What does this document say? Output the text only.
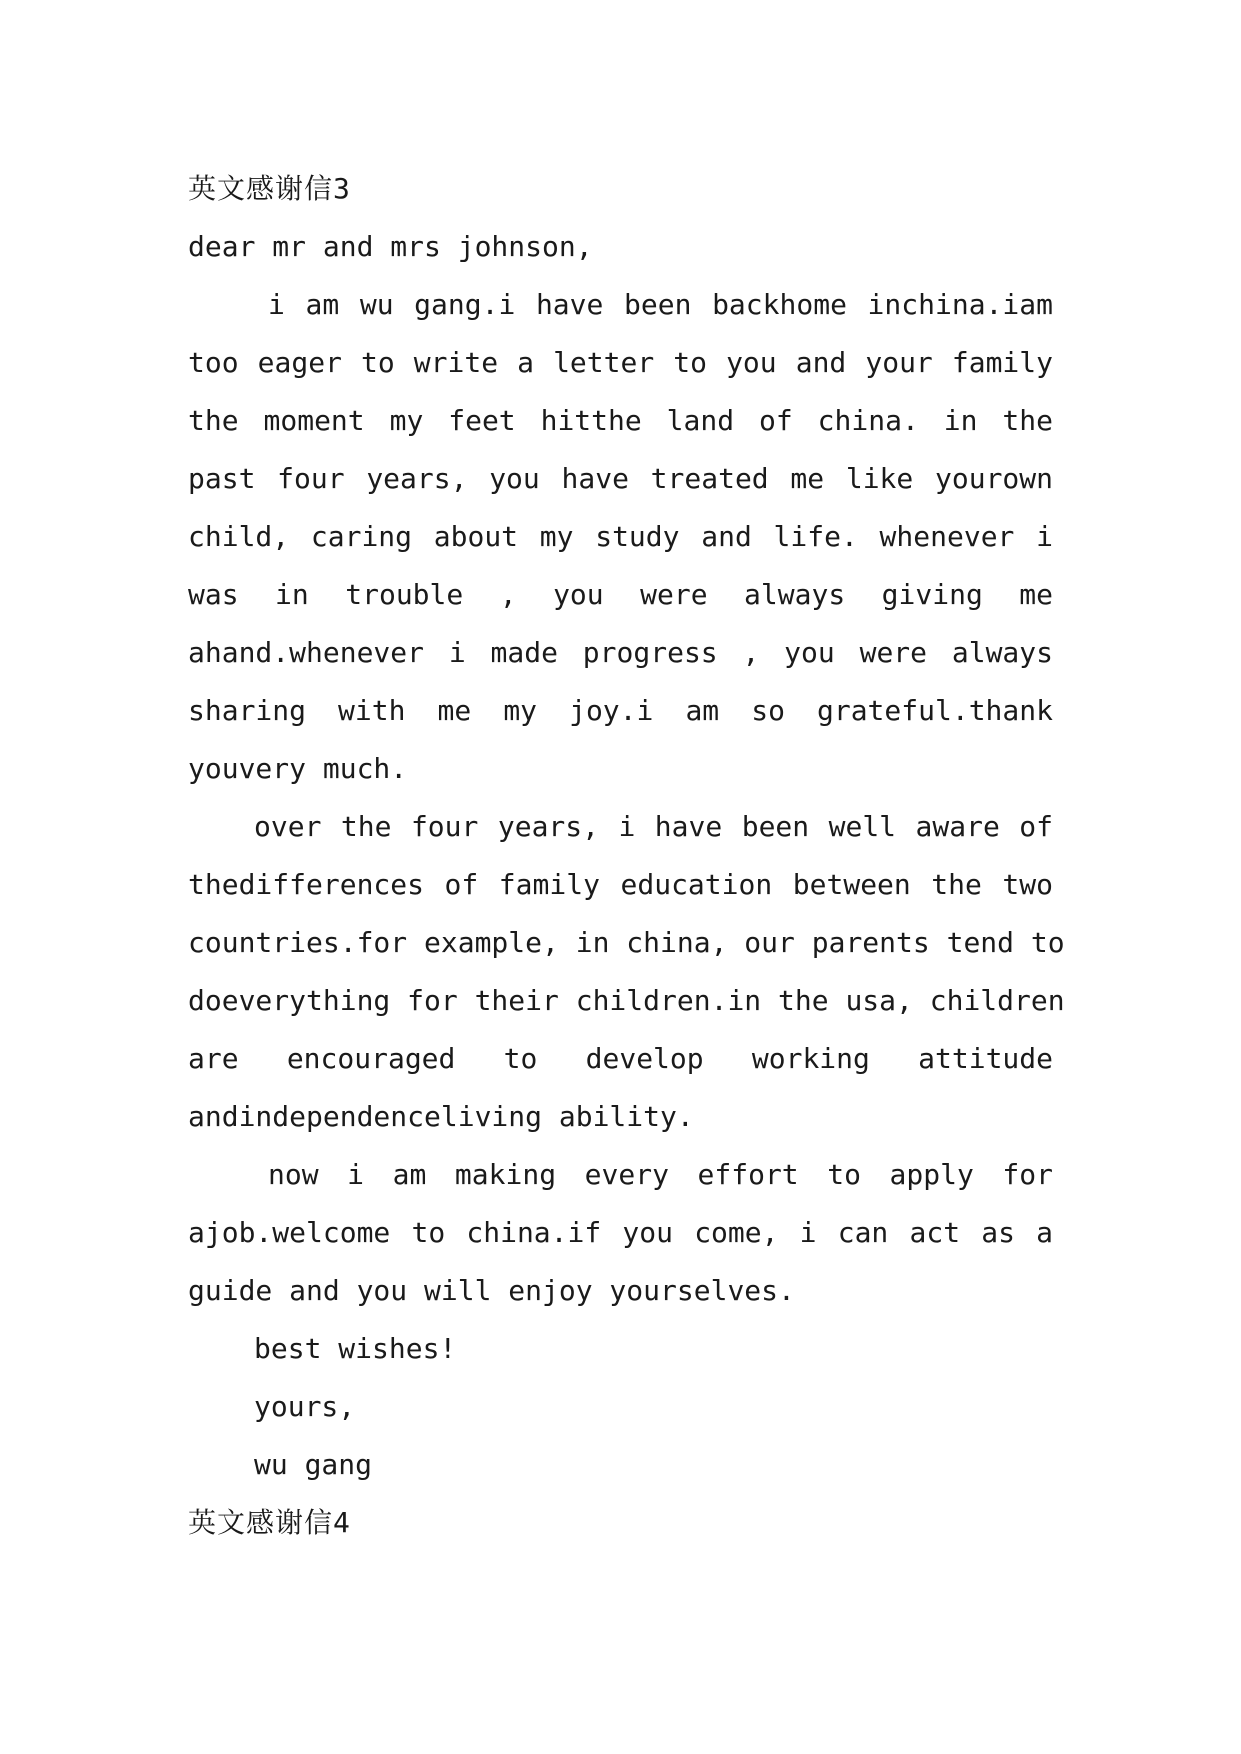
英文感谢信3
dear mr and mrs johnson,
i am wu gang.i have been backhome inchina.iam
too eager to write a letter to you and your family
the moment my feet hitthe land of china. in the
past four years, you have treated me like yourown
child, caring about my study and life. whenever i
was in trouble , you were always giving me
ahand.whenever i made progress , you were always
sharing with me my joy.i am so grateful.thank
youvery much.
over the four years, i have been well aware of
thedifferences of family education between the two
countries.for example, in china, our parents tend to
doeverything for their children.in the usa, children
are encouraged to develop working attitude
andindependenceliving ability.
now i am making every effort to apply for
ajob.welcome to china.if you come, i can act as a
guide and you will enjoy yourselves.
best wishes!
yours,
wu gang
英文感谢信4
